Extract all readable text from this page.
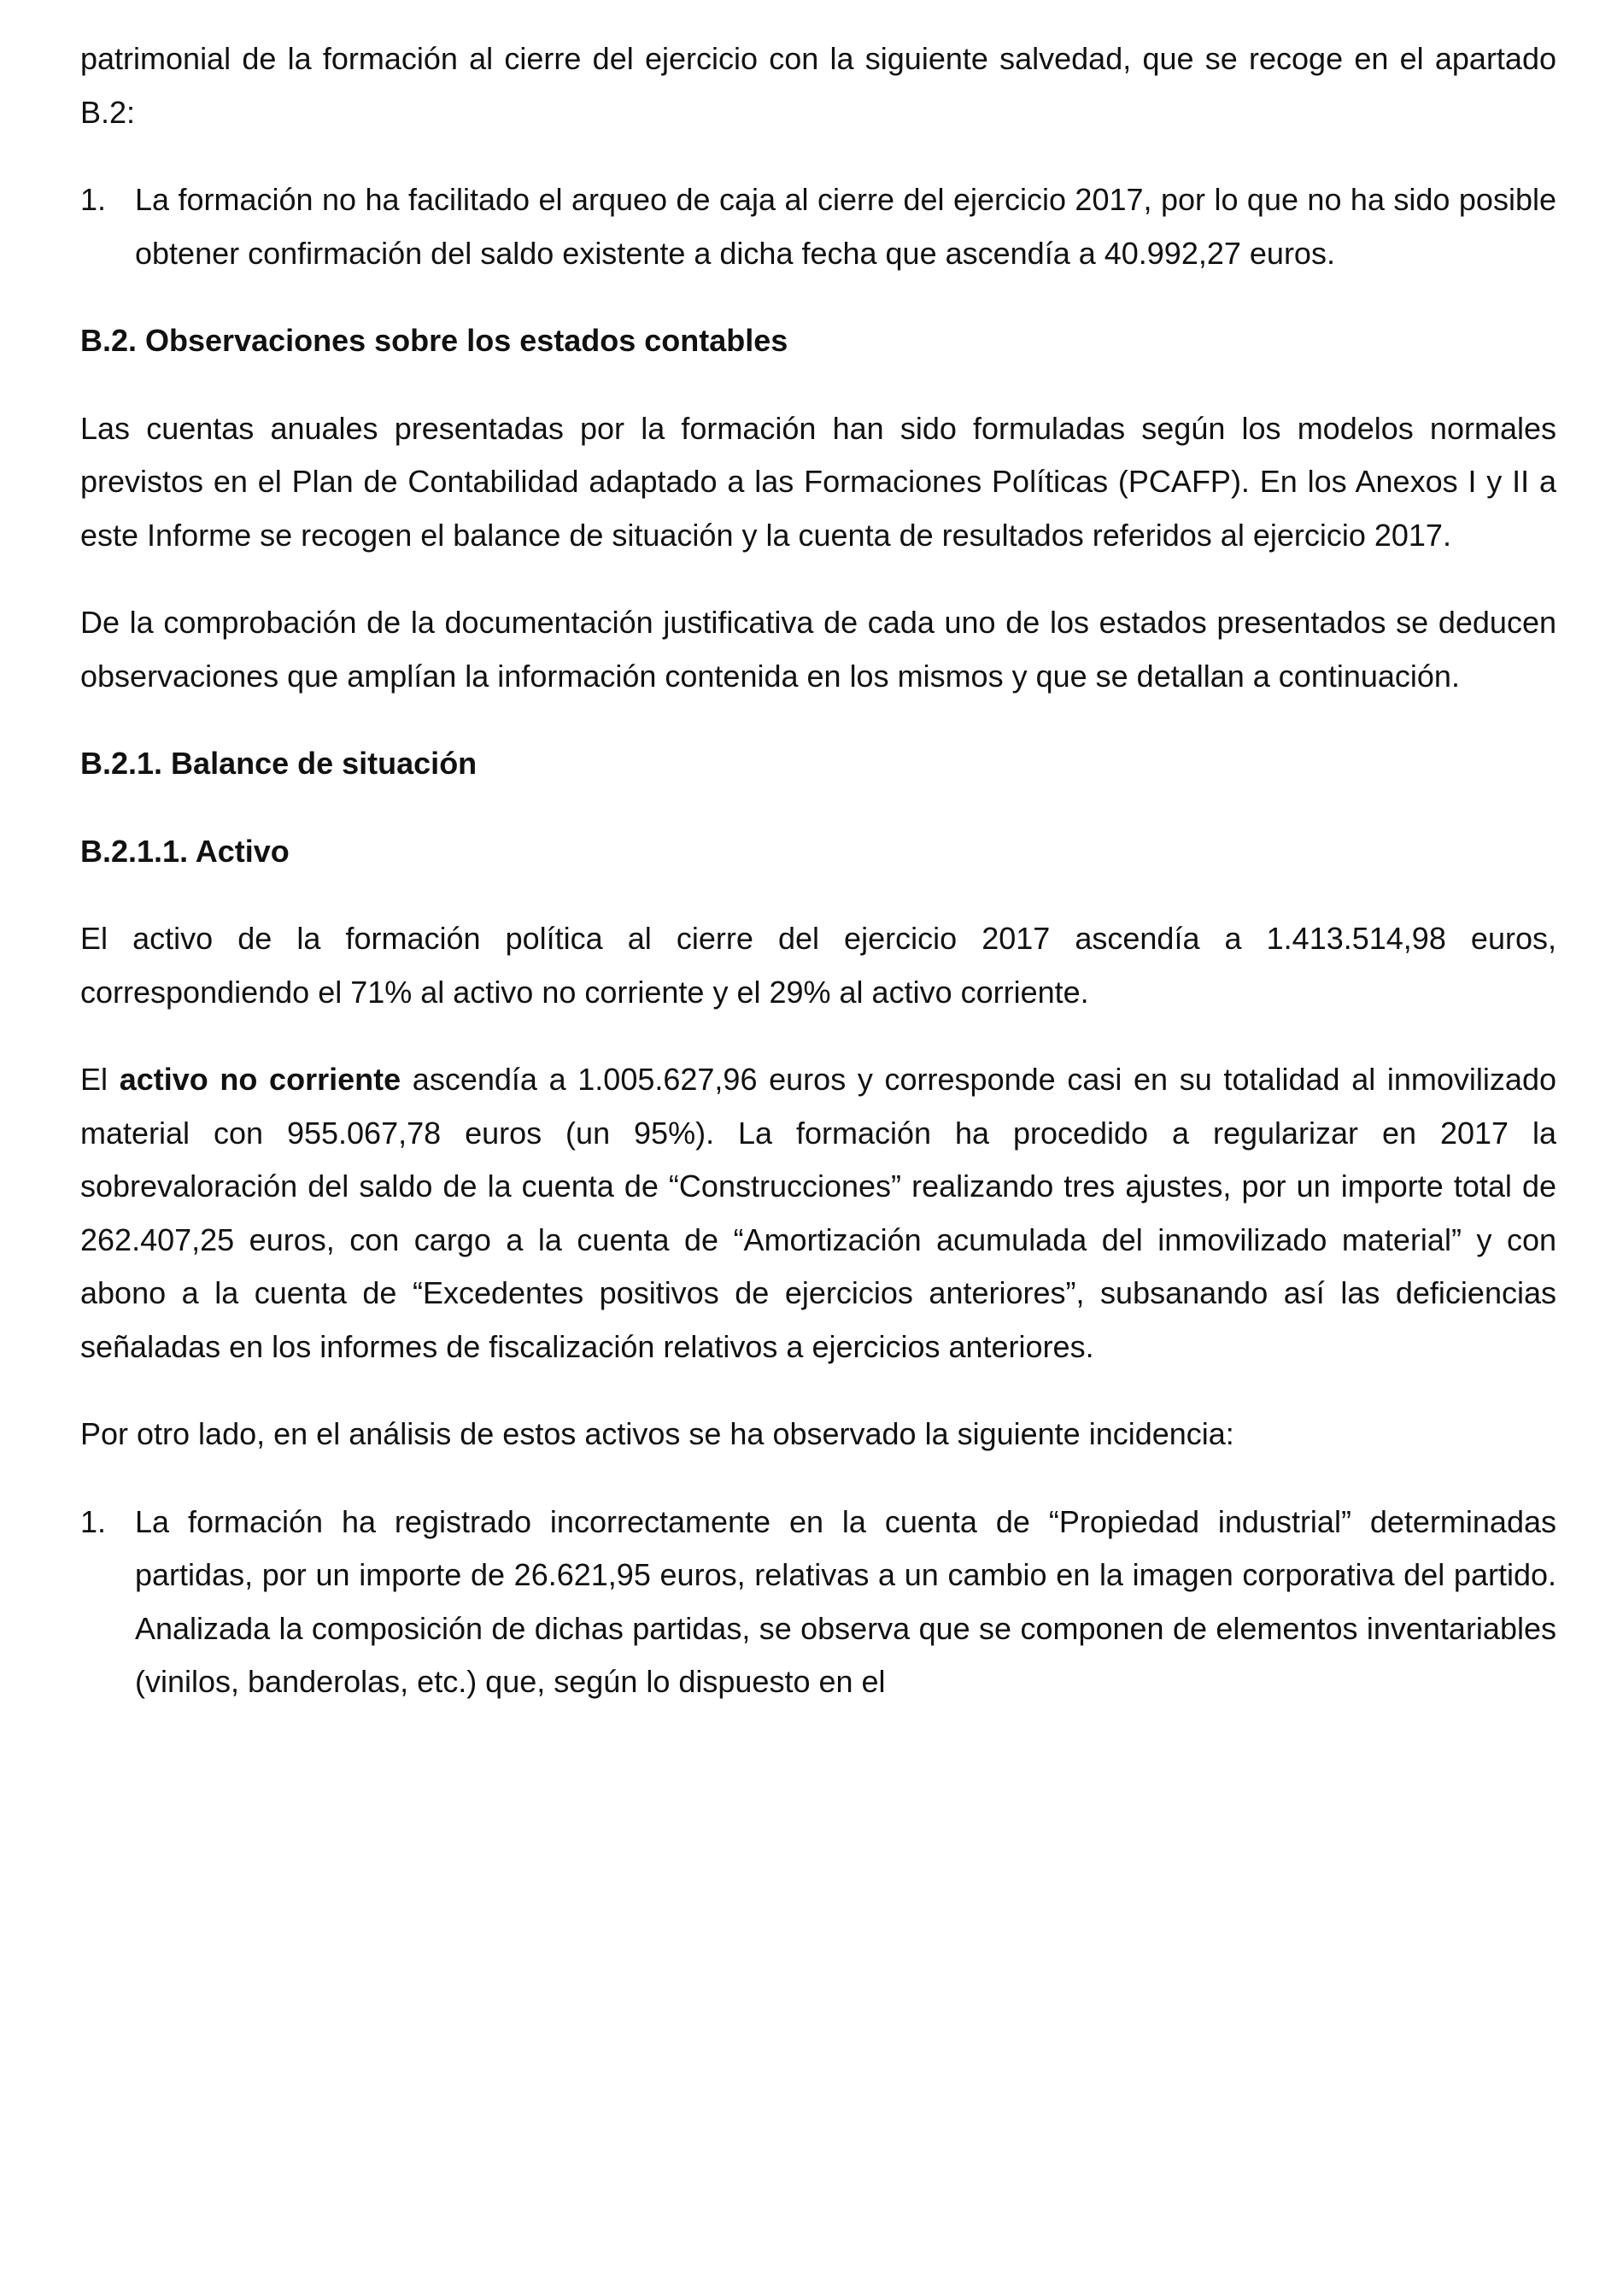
patrimonial de la formación al cierre del ejercicio con la siguiente salvedad, que se recoge en el apartado B.2:

1. La formación no ha facilitado el arqueo de caja al cierre del ejercicio 2017, por lo que no ha sido posible obtener confirmación del saldo existente a dicha fecha que ascendía a 40.992,27 euros.

B.2. Observaciones sobre los estados contables

Las cuentas anuales presentadas por la formación han sido formuladas según los modelos normales previstos en el Plan de Contabilidad adaptado a las Formaciones Políticas (PCAFP). En los Anexos I y II a este Informe se recogen el balance de situación y la cuenta de resultados referidos al ejercicio 2017.

De la comprobación de la documentación justificativa de cada uno de los estados presentados se deducen observaciones que amplían la información contenida en los mismos y que se detallan a continuación.

B.2.1. Balance de situación

B.2.1.1. Activo

El activo de la formación política al cierre del ejercicio 2017 ascendía a 1.413.514,98 euros, correspondiendo el 71% al activo no corriente y el 29% al activo corriente.

El activo no corriente ascendía a 1.005.627,96 euros y corresponde casi en su totalidad al inmovilizado material con 955.067,78 euros (un 95%). La formación ha procedido a regularizar en 2017 la sobrevaloración del saldo de la cuenta de “Construcciones” realizando tres ajustes, por un importe total de 262.407,25 euros, con cargo a la cuenta de “Amortización acumulada del inmovilizado material” y con abono a la cuenta de “Excedentes positivos de ejercicios anteriores”, subsanando así las deficiencias señaladas en los informes de fiscalización relativos a ejercicios anteriores.

Por otro lado, en el análisis de estos activos se ha observado la siguiente incidencia:

1. La formación ha registrado incorrectamente en la cuenta de “Propiedad industrial” determinadas partidas, por un importe de 26.621,95 euros, relativas a un cambio en la imagen corporativa del partido. Analizada la composición de dichas partidas, se observa que se componen de elementos inventariables (vinilos, banderolas, etc.) que, según lo dispuesto en el
